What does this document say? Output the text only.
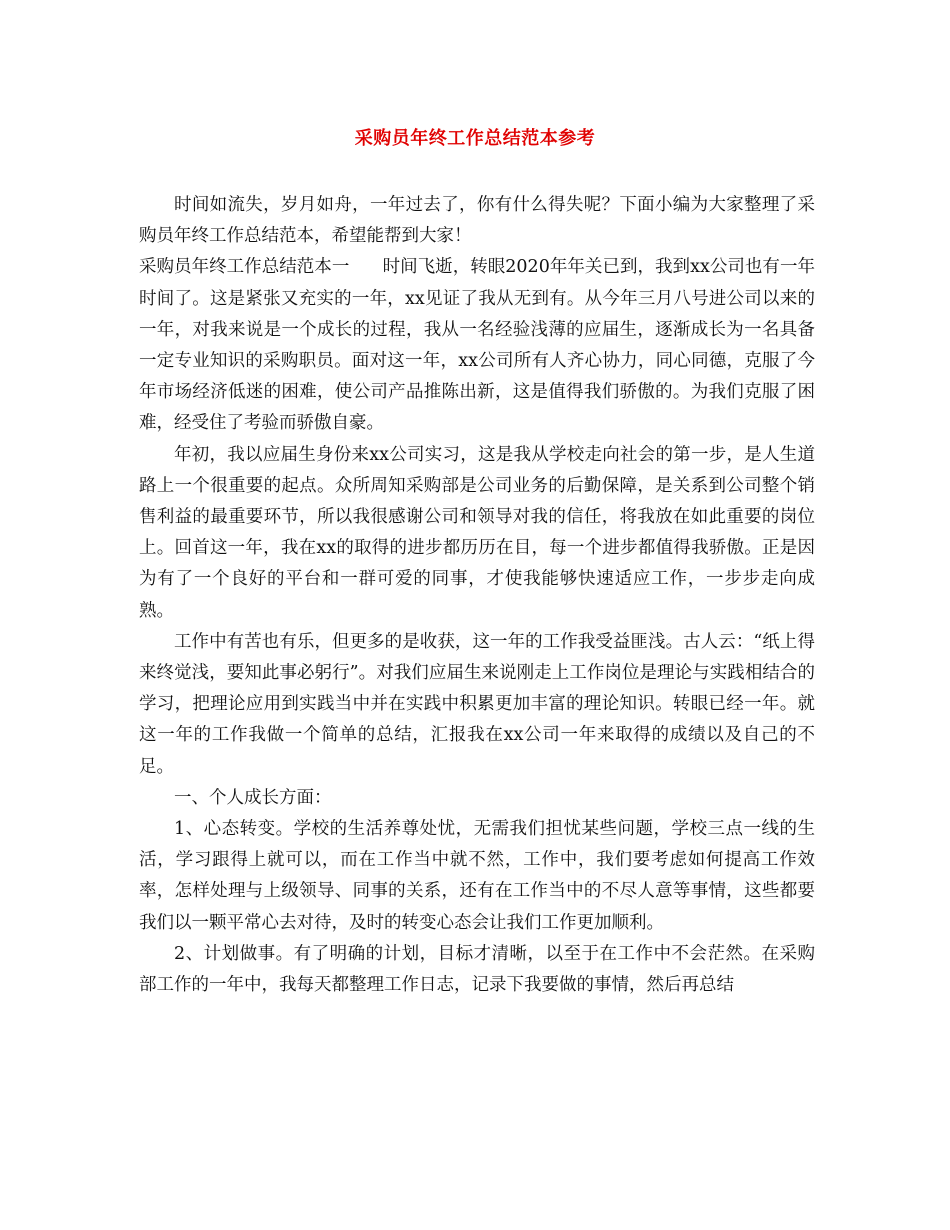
采购员年终工作总结范本参考

时间如流失，岁月如舟，一年过去了，你有什么得失呢？下面小编为大家整理了采购员年终工作总结范本，希望能帮到大家！

采购员年终工作总结范本一 时间飞逝，转眼2020年年关已到，我到xx公司也有一年时间了。这是紧张又充实的一年，xx见证了我从无到有。从今年三月八号进公司以来的一年，对我来说是一个成长的过程，我从一名经验浅薄的应届生，逐渐成长为一名具备一定专业知识的采购职员。面对这一年，xx公司所有人齐心协力，同心同德，克服了今年市场经济低迷的困难，使公司产品推陈出新，这是值得我们骄傲的。为我们克服了困难，经受住了考验而骄傲自豪。

年初，我以应届生身份来xx公司实习，这是我从学校走向社会的第一步，是人生道路上一个很重要的起点。众所周知采购部是公司业务的后勤保障，是关系到公司整个销售利益的最重要环节，所以我很感谢公司和领导对我的信任，将我放在如此重要的岗位上。回首这一年，我在xx的取得的进步都历历在目，每一个进步都值得我骄傲。正是因为有了一个良好的平台和一群可爱的同事，才使我能够快速适应工作，一步步走向成熟。

工作中有苦也有乐，但更多的是收获，这一年的工作我受益匪浅。古人云：“纸上得来终觉浅，要知此事必躬行”。对我们应届生来说刚走上工作岗位是理论与实践相结合的学习，把理论应用到实践当中并在实践中积累更加丰富的理论知识。转眼已经一年。就这一年的工作我做一个简单的总结，汇报我在xx公司一年来取得的成绩以及自己的不足。

一、个人成长方面：

1、心态转变。学校的生活养尊处忧，无需我们担忧某些问题，学校三点一线的生活，学习跟得上就可以，而在工作当中就不然，工作中，我们要考虑如何提高工作效率，怎样处理与上级领导、同事的关系，还有在工作当中的不尽人意等事情，这些都要我们以一颗平常心去对待，及时的转变心态会让我们工作更加顺利。

2、计划做事。有了明确的计划，目标才清晰，以至于在工作中不会茫然。在采购部工作的一年中，我每天都整理工作日志，记录下我要做的事情，然后再总结
